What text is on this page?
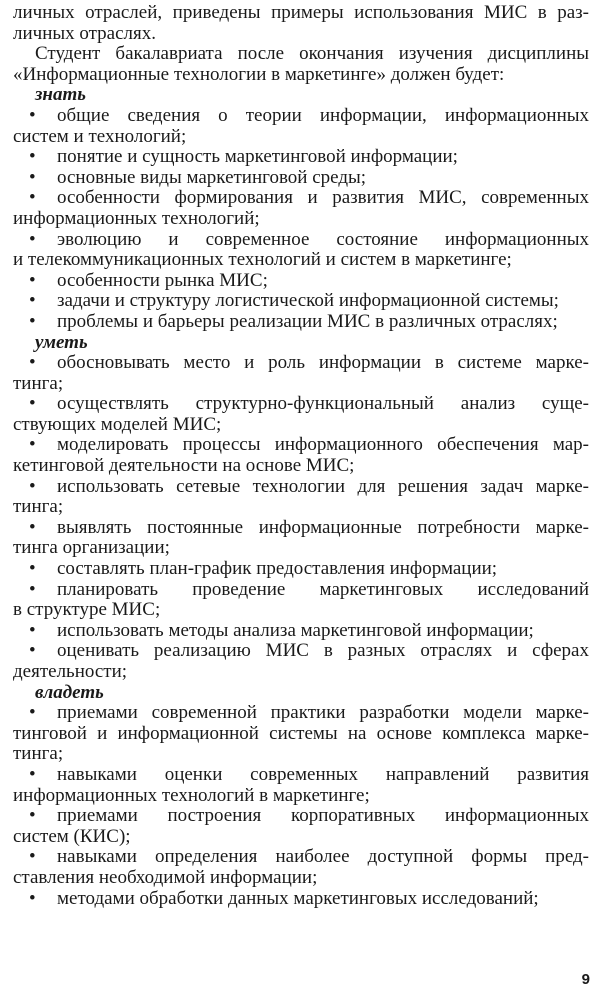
личных отраслей, приведены примеры использования МИС в раз-
личных отраслях.
Студент бакалавриата после окончания изучения дисциплины
«Информационные технологии в маркетинге» должен будет:
знать
• общие сведения о теории информации, информационных
систем и технологий;
• понятие и сущность маркетинговой информации;
• основные виды маркетинговой среды;
• особенности формирования и развития МИС, современных
информационных технологий;
• эволюцию и современное состояние информационных
и телекоммуникационных технологий и систем в маркетинге;
• особенности рынка МИС;
• задачи и структуру логистической информационной системы;
• проблемы и барьеры реализации МИС в различных отраслях;
уметь
• обосновывать место и роль информации в системе марке-
тинга;
• осуществлять структурно-функциональный анализ суще-
ствующих моделей МИС;
• моделировать процессы информационного обеспечения мар-
кетинговой деятельности на основе МИС;
• использовать сетевые технологии для решения задач марке-
тинга;
• выявлять постоянные информационные потребности марке-
тинга организации;
• составлять план-график предоставления информации;
• планировать проведение маркетинговых исследований
в структуре МИС;
• использовать методы анализа маркетинговой информации;
• оценивать реализацию МИС в разных отраслях и сферах
деятельности;
владеть
• приемами современной практики разработки модели марке-
тинговой и информационной системы на основе комплекса марке-
тинга;
• навыками оценки современных направлений развития
информационных технологий в маркетинге;
• приемами построения корпоративных информационных
систем (КИС);
• навыками определения наиболее доступной формы пред-
ставления необходимой информации;
• методами обработки данных маркетинговых исследований;
9
